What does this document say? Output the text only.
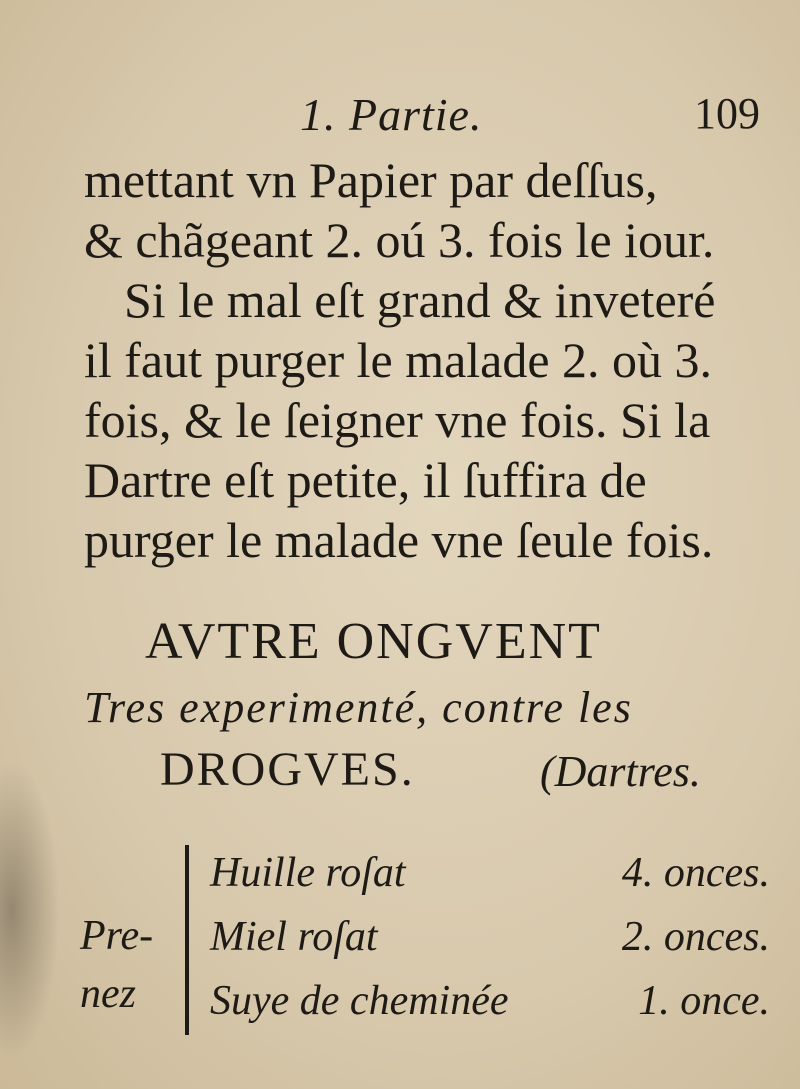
1. Partie.	109
mettant vn Papier par deſſus,
& chãgeant 2. oú 3. fois le iour.
Si le mal eſt grand & inveteré
il faut purger le malade 2. où 3.
fois, & le ſeigner vne fois. Si la
Dartre eſt petite, il ſuffira de
purger le malade vne ſeule fois.
AVTRE ONGVENT
Tres experimenté, contre les
DROGVES.	(Dartres.
Pre-
nez
Huille roſat	4. onces.
Miel roſat	2. onces.
Suye de cheminée	1. once.
